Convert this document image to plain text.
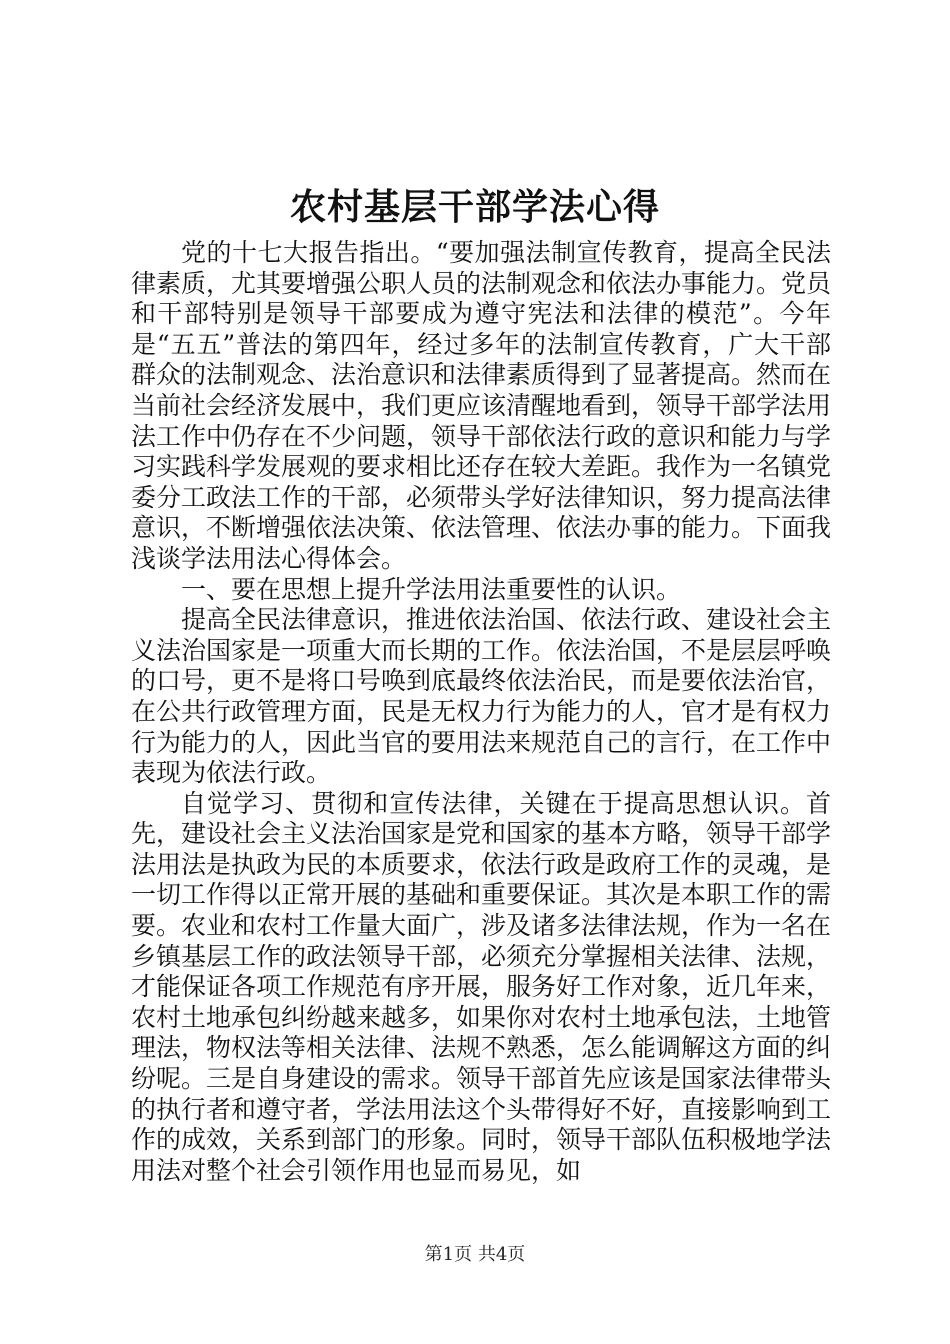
农村基层干部学法心得

党的十七大报告指出。“要加强法制宣传教育，提高全民法律素质，尤其要增强公职人员的法制观念和依法办事能力。党员和干部特别是领导干部要成为遵守宪法和法律的模范”。今年是“五五”普法的第四年，经过多年的法制宣传教育，广大干部群众的法制观念、法治意识和法律素质得到了显著提高。然而在当前社会经济发展中，我们更应该清醒地看到，领导干部学法用法工作中仍存在不少问题，领导干部依法行政的意识和能力与学习实践科学发展观的要求相比还存在较大差距。我作为一名镇党委分工政法工作的干部，必须带头学好法律知识，努力提高法律意识，不断增强依法决策、依法管理、依法办事的能力。下面我浅谈学法用法心得体会。

一、要在思想上提升学法用法重要性的认识。

提高全民法律意识，推进依法治国、依法行政、建设社会主义法治国家是一项重大而长期的工作。依法治国，不是层层呼唤的口号，更不是将口号唤到底最终依法治民，而是要依法治官，在公共行政管理方面，民是无权力行为能力的人，官才是有权力行为能力的人，因此当官的要用法来规范自己的言行，在工作中表现为依法行政。

自觉学习、贯彻和宣传法律，关键在于提高思想认识。首先，建设社会主义法治国家是党和国家的基本方略，领导干部学法用法是执政为民的本质要求，依法行政是政府工作的灵魂，是一切工作得以正常开展的基础和重要保证。其次是本职工作的需要。农业和农村工作量大面广，涉及诸多法律法规，作为一名在乡镇基层工作的政法领导干部，必须充分掌握相关法律、法规，才能保证各项工作规范有序开展，服务好工作对象，近几年来，农村土地承包纠纷越来越多，如果你对农村土地承包法，土地管理法，物权法等相关法律、法规不熟悉，怎么能调解这方面的纠纷呢。三是自身建设的需求。领导干部首先应该是国家法律带头的执行者和遵守者，学法用法这个头带得好不好，直接影响到工作的成效，关系到部门的形象。同时，领导干部队伍积极地学法用法对整个社会引领作用也显而易见，如

第1页 共4页
